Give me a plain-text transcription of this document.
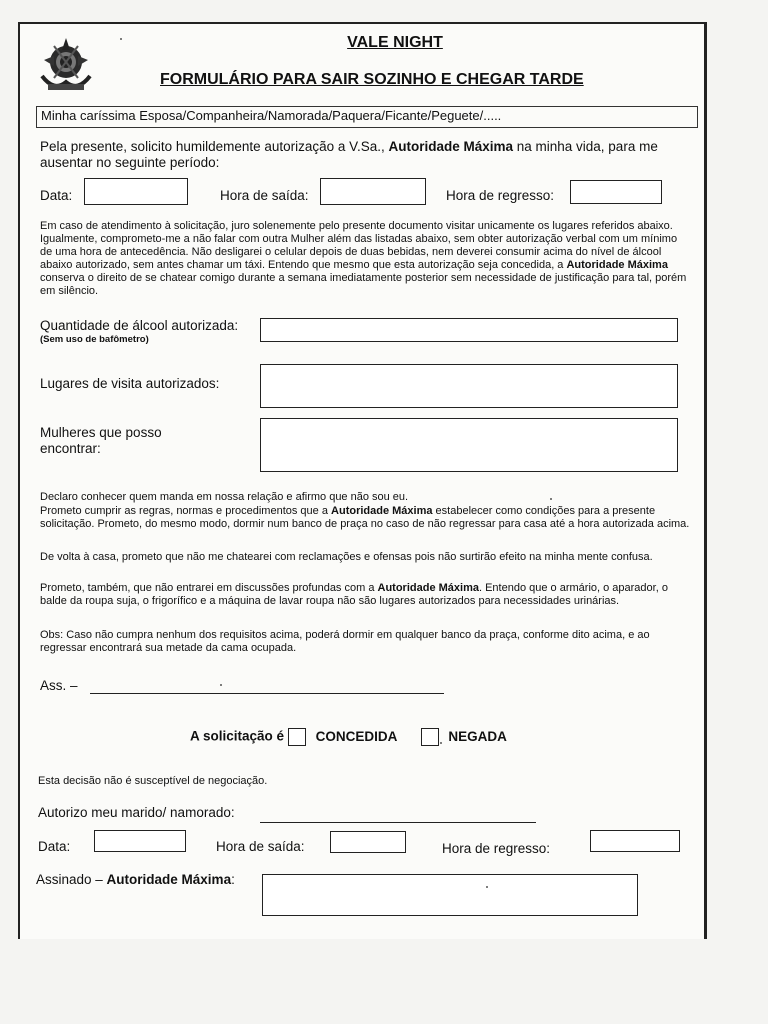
VALE NIGHT
FORMULÁRIO PARA SAIR SOZINHO E CHEGAR TARDE
Minha caríssima Esposa/Companheira/Namorada/Paquera/Ficante/Peguete/.....
Pela presente, solicito humildemente autorização a V.Sa., Autoridade Máxima na minha vida, para me ausentar no seguinte período:
Data:	Hora de saída:	Hora de regresso:
Em caso de atendimento à solicitação, juro solenemente pelo presente documento visitar unicamente os lugares referidos abaixo. Igualmente, comprometo-me a não falar com outra Mulher além das listadas abaixo, sem obter autorização verbal com um mínimo de uma hora de antecedência. Não desligarei o celular depois de duas bebidas, nem deverei consumir acima do nível de álcool abaixo autorizado, sem antes chamar um táxi. Entendo que mesmo que esta autorização seja concedida, a Autoridade Máxima conserva o direito de se chatear comigo durante a semana imediatamente posterior sem necessidade de justificação para tal, porém em silêncio.
Quantidade de álcool autorizada:
(Sem uso de bafômetro)
Lugares de visita autorizados:
Mulheres que posso
encontrar:
Declaro conhecer quem manda em nossa relação e afirmo que não sou eu.
Prometo cumprir as regras, normas e procedimentos que a Autoridade Máxima estabelecer como condições para a presente solicitação. Prometo, do mesmo modo, dormir num banco de praça no caso de não regressar para casa até a hora autorizada acima.
De volta à casa, prometo que não me chatearei com reclamações e ofensas pois não surtirão efeito na minha mente confusa.
Prometo, também, que não entrarei em discussões profundas com a Autoridade Máxima. Entendo que o armário, o aparador, o balde da roupa suja, o frigorífico e a máquina de lavar roupa não são lugares autorizados para necessidades urinárias.
Obs: Caso não cumpra nenhum dos requisitos acima, poderá dormir em qualquer banco da praça, conforme dito acima, e ao regressar encontrará sua metade da cama ocupada.
Ass. –
A solicitação é CONCEDIDA	NEGADA
Esta decisão não é susceptível de negociação.
Autorizo meu marido/ namorado:
Data:	Hora de saída:	Hora de regresso:
Assinado – Autoridade Máxima:
